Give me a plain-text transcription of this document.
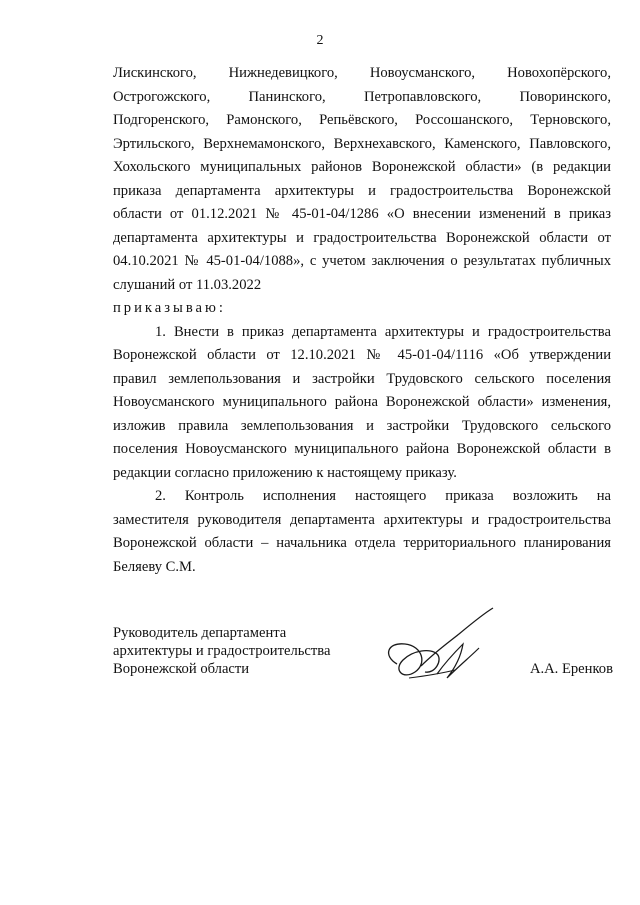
2
Лискинского, Нижнедевицкого, Новоусманского, Новохопёрского,
Острогожского, Панинского, Петропавловского, Поворинского,
Подгоренского, Рамонского, Репьёвского, Россошанского, Терновского,
Эртильского, Верхнемамонского, Верхнехавского, Каменского, Павловского,
Хохольского муниципальных районов Воронежской области» (в редакции
приказа департамента архитектуры и градостроительства Воронежской
области от 01.12.2021 № 45-01-04/1286 «О внесении изменений в приказ
департамента архитектуры и градостроительства Воронежской области от
04.10.2021 № 45-01-04/1088», с учетом заключения о результатах публичных
слушаний от 11.03.2022
приказываю:
1. Внести в приказ департамента архитектуры и градостроительства
Воронежской области от 12.10.2021 № 45-01-04/1116 «Об утверждении
правил землепользования и застройки Трудовского сельского поселения
Новоусманского муниципального района Воронежской области» изменения,
изложив правила землепользования и застройки Трудовского сельского
поселения Новоусманского муниципального района Воронежской области в
редакции согласно приложению к настоящему приказу.
2. Контроль исполнения настоящего приказа возложить на
заместителя руководителя департамента архитектуры и градостроительства
Воронежской области – начальника отдела территориального планирования
Беляеву С.М.
Руководитель департамента
архитектуры и градостроительства
Воронежской области	А.А. Еренков
